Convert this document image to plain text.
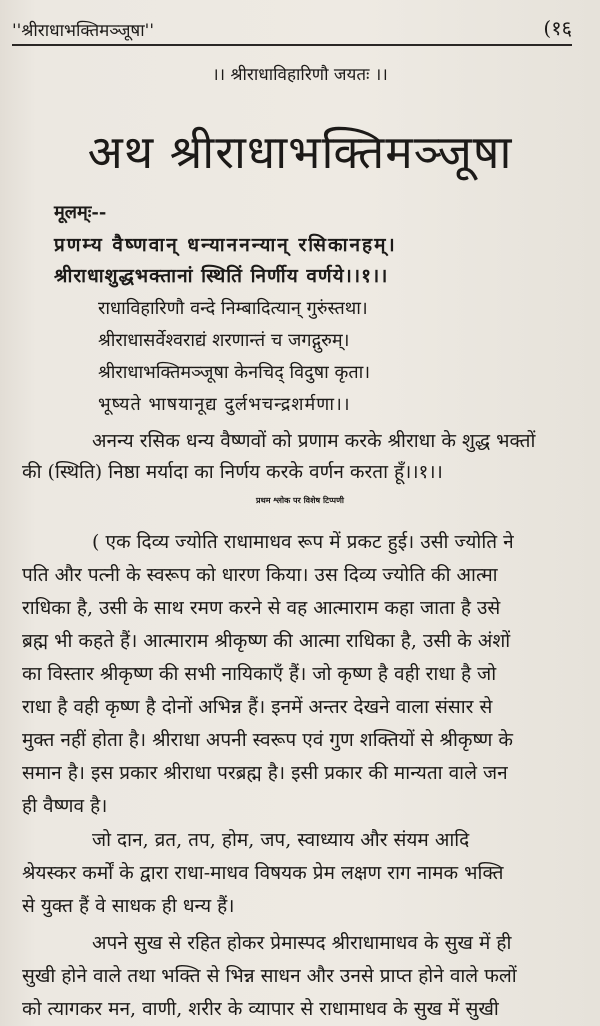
''श्रीराधाभक्तिमञ्जूषा''	(१६
।। श्रीराधाविहारिणौ जयतः ।।
अथ श्रीराधाभक्तिमञ्जूषा
मूलम्ः--
प्रणम्य वैष्णवान् धन्याननन्यान् रसिकानहम्।
श्रीराधाशुद्धभक्तानां स्थितिं निर्णीय वर्णये।।१।।
राधाविहारिणौ वन्दे निम्बादित्यान् गुरुंस्तथा।
श्रीराधासर्वेश्वराद्यं शरणान्तं च जगद्गुरुम्।
श्रीराधाभक्तिमञ्जूषा केनचिद् विदुषा कृता।
भूष्यते भाषयानूद्य दुर्लभचन्द्रशर्मणा।।
अनन्य रसिक धन्य वैष्णवों को प्रणाम करके श्रीराधा के शुद्ध भक्तों
की (स्थिति) निष्ठा मर्यादा का निर्णय करके वर्णन करता हूँ।।१।।
प्रथम श्लोक पर विशेष टिप्पणी
( एक दिव्य ज्योति राधामाधव रूप में प्रकट हुई। उसी ज्योति ने
पति और पत्नी के स्वरूप को धारण किया। उस दिव्य ज्योति की आत्मा
राधिका है, उसी के साथ रमण करने से वह आत्माराम कहा जाता है उसे
ब्रह्म भी कहते हैं। आत्माराम श्रीकृष्ण की आत्मा राधिका है, उसी के अंशों
का विस्तार श्रीकृष्ण की सभी नायिकाएँ हैं। जो कृष्ण है वही राधा है जो
राधा है वही कृष्ण है दोनों अभिन्न हैं। इनमें अन्तर देखने वाला संसार से
मुक्त नहीं होता है। श्रीराधा अपनी स्वरूप एवं गुण शक्तियों से श्रीकृष्ण के
समान है। इस प्रकार श्रीराधा परब्रह्म है। इसी प्रकार की मान्यता वाले जन
ही वैष्णव है।
जो दान, व्रत, तप, होम, जप, स्वाध्याय और संयम आदि
श्रेयस्कर कर्मों के द्वारा राधा-माधव विषयक प्रेम लक्षण राग नामक भक्ति
से युक्त हैं वे साधक ही धन्य हैं।
अपने सुख से रहित होकर प्रेमास्पद श्रीराधामाधव के सुख में ही
सुखी होने वाले तथा भक्ति से भिन्न साधन और उनसे प्राप्त होने वाले फलों
को त्यागकर मन, वाणी, शरीर के व्यापार से राधामाधव के सुख में सुखी
